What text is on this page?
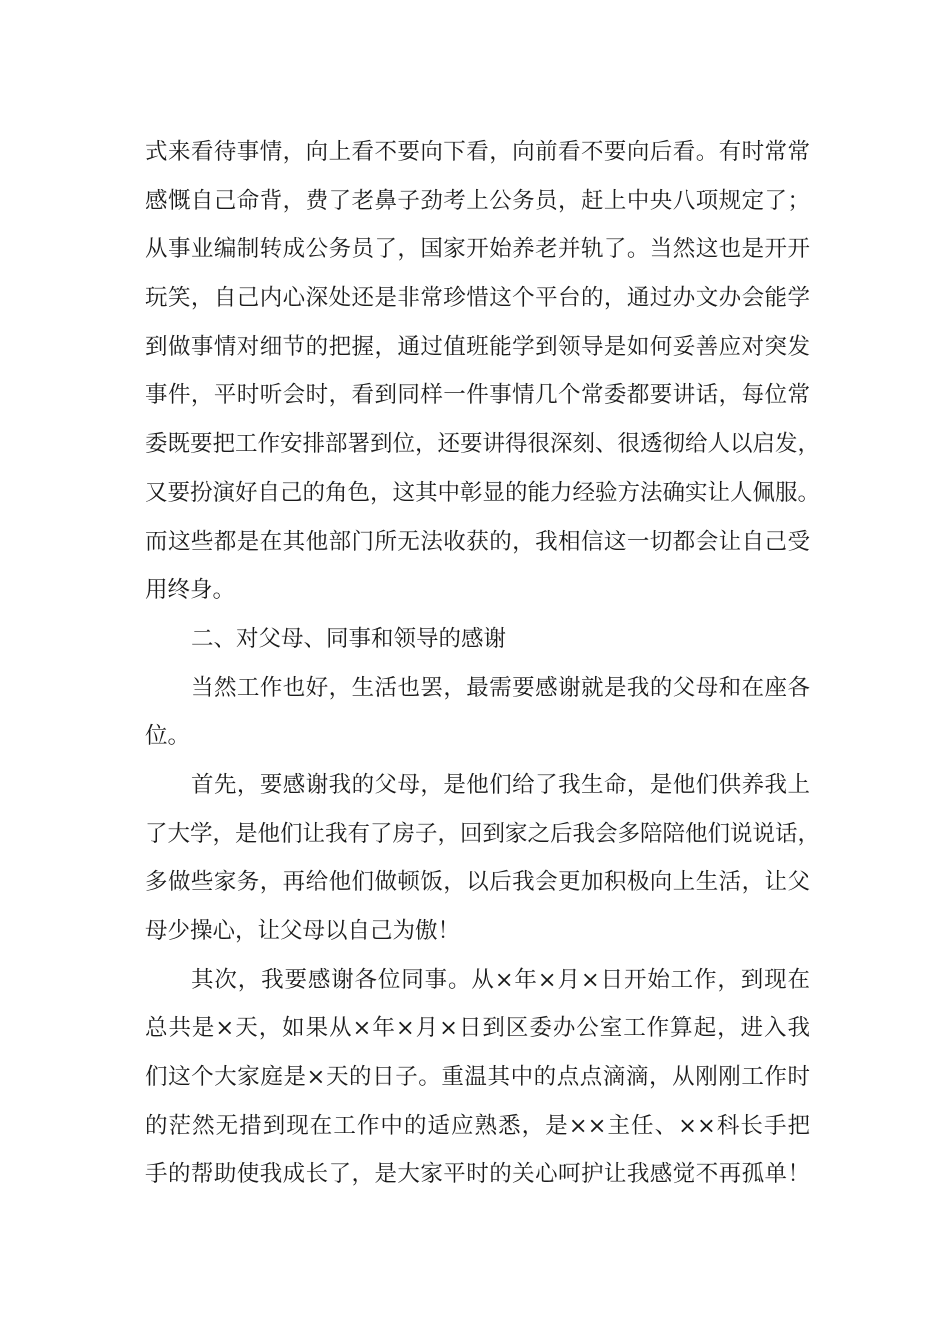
式来看待事情，向上看不要向下看，向前看不要向后看。有时常常
感慨自己命背，费了老鼻子劲考上公务员，赶上中央八项规定了；
从事业编制转成公务员了，国家开始养老并轨了。当然这也是开开
玩笑，自己内心深处还是非常珍惜这个平台的，通过办文办会能学
到做事情对细节的把握，通过值班能学到领导是如何妥善应对突发
事件，平时听会时，看到同样一件事情几个常委都要讲话，每位常
委既要把工作安排部署到位，还要讲得很深刻、很透彻给人以启发，
又要扮演好自己的角色，这其中彰显的能力经验方法确实让人佩服。
而这些都是在其他部门所无法收获的，我相信这一切都会让自己受
用终身。
二、对父母、同事和领导的感谢
当然工作也好，生活也罢，最需要感谢就是我的父母和在座各
位。
首先，要感谢我的父母，是他们给了我生命，是他们供养我上
了大学，是他们让我有了房子，回到家之后我会多陪陪他们说说话，
多做些家务，再给他们做顿饭，以后我会更加积极向上生活，让父
母少操心，让父母以自己为傲！
其次，我要感谢各位同事。从×年×月×日开始工作，到现在
总共是×天，如果从×年×月×日到区委办公室工作算起，进入我
们这个大家庭是×天的日子。重温其中的点点滴滴，从刚刚工作时
的茫然无措到现在工作中的适应熟悉，是××主任、××科长手把
手的帮助使我成长了，是大家平时的关心呵护让我感觉不再孤单！
